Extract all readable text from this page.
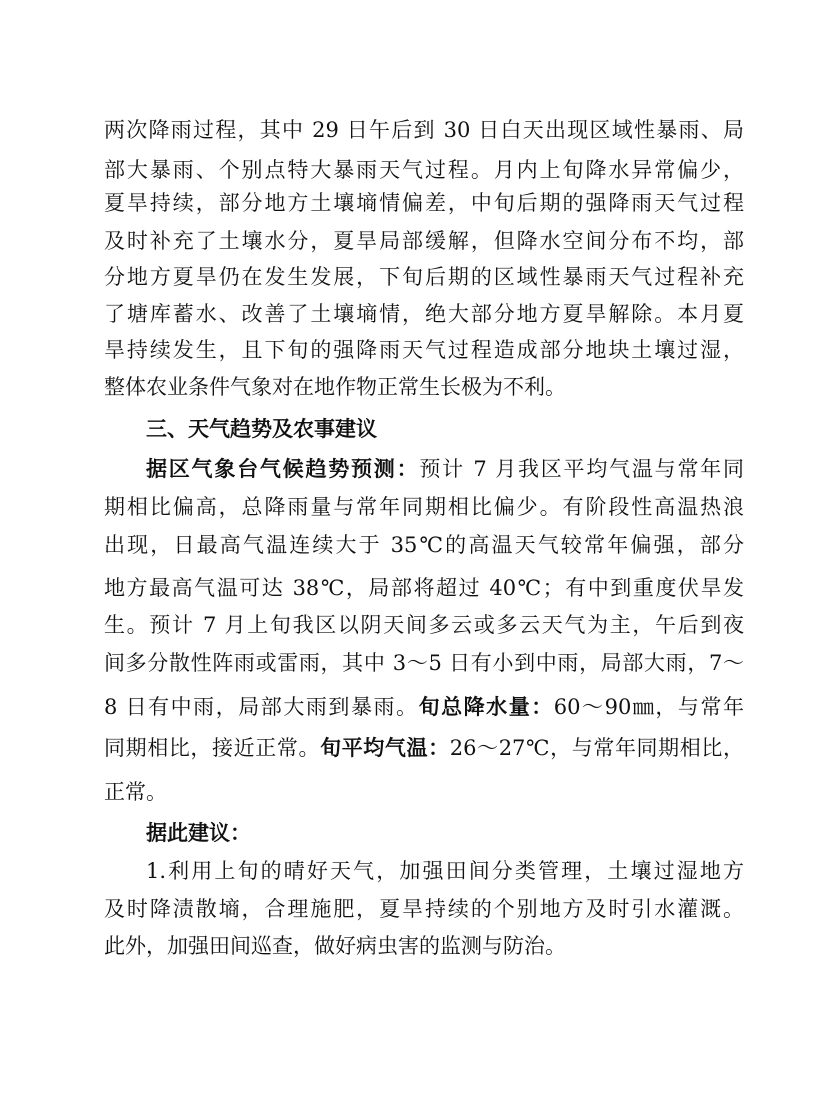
两次降雨过程，其中 29 日午后到 30 日白天出现区域性暴雨、局
部大暴雨、个别点特大暴雨天气过程。月内上旬降水异常偏少，
夏旱持续，部分地方土壤墒情偏差，中旬后期的强降雨天气过程
及时补充了土壤水分，夏旱局部缓解，但降水空间分布不均，部
分地方夏旱仍在发生发展，下旬后期的区域性暴雨天气过程补充
了塘库蓄水、改善了土壤墒情，绝大部分地方夏旱解除。本月夏
旱持续发生，且下旬的强降雨天气过程造成部分地块土壤过湿，
整体农业条件气象对在地作物正常生长极为不利。
三、天气趋势及农事建议
据区气象台气候趋势预测：预计 7 月我区平均气温与常年同
期相比偏高，总降雨量与常年同期相比偏少。有阶段性高温热浪
出现，日最高气温连续大于 35℃的高温天气较常年偏强，部分
地方最高气温可达 38℃，局部将超过 40℃；有中到重度伏旱发
生。预计 7 月上旬我区以阴天间多云或多云天气为主，午后到夜
间多分散性阵雨或雷雨，其中 3～5 日有小到中雨，局部大雨，7～
8 日有中雨，局部大雨到暴雨。旬总降水量：60～90㎜，与常年
同期相比，接近正常。旬平均气温：26～27℃，与常年同期相比，
正常。
据此建议：
1.利用上旬的晴好天气，加强田间分类管理，土壤过湿地方
及时降渍散墒，合理施肥，夏旱持续的个别地方及时引水灌溉。
此外，加强田间巡查，做好病虫害的监测与防治。
